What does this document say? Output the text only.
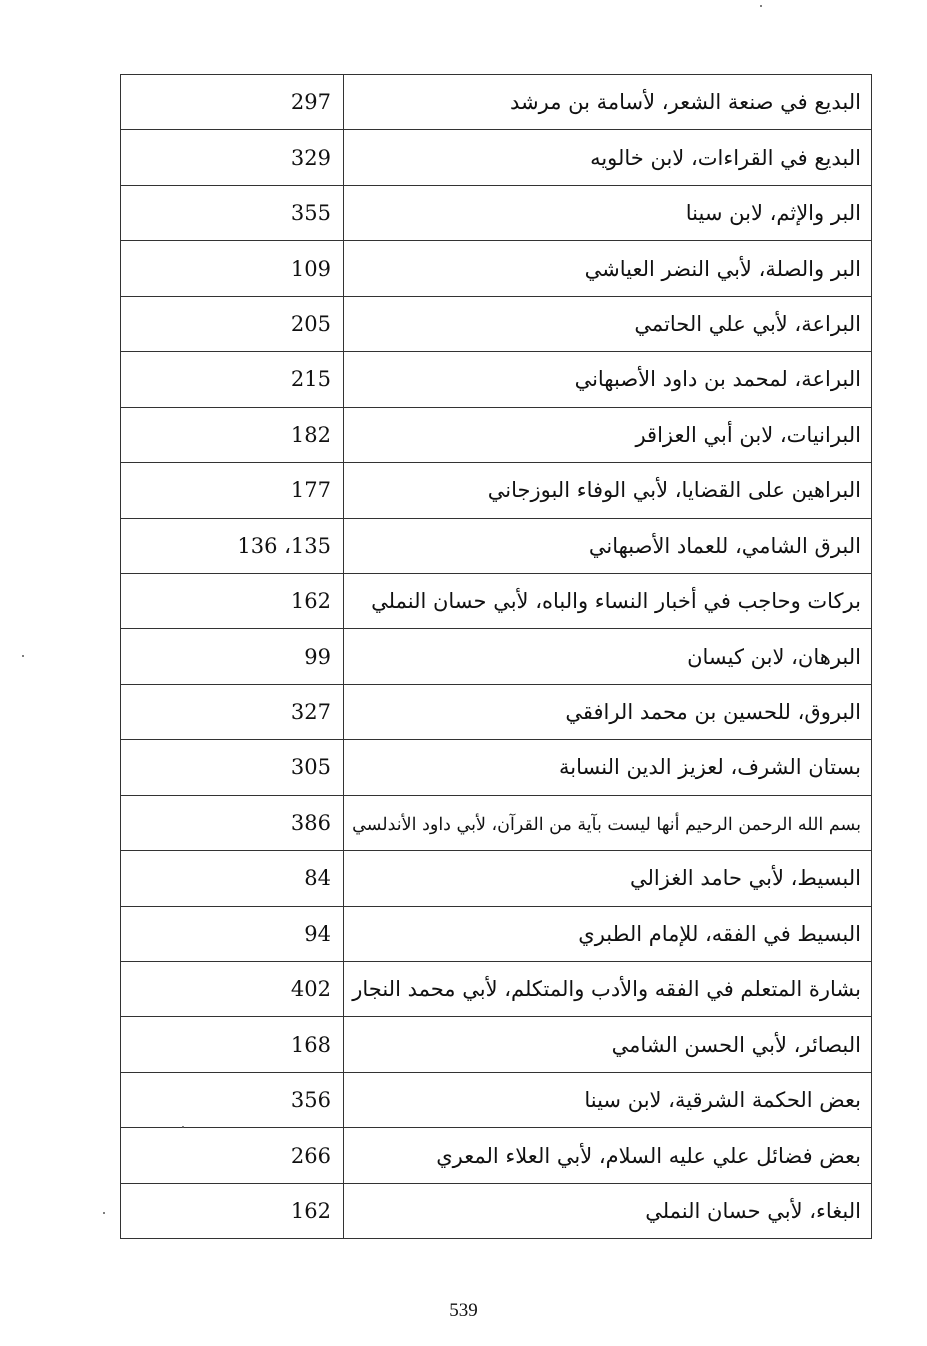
297	البديع في صنعة الشعر، لأسامة بن مرشد
329	البديع في القراءات، لابن خالويه
355	البر والإثم، لابن سينا
109	البر والصلة، لأبي النضر العياشي
205	البراعة، لأبي علي الحاتمي
215	البراعة، لمحمد بن داود الأصبهاني
182	البرانيات، لابن أبي العزاقر
177	البراهين على القضايا، لأبي الوفاء البوزجاني
136 ،135	البرق الشامي، للعماد الأصبهاني
162	بركات وحاجب في أخبار النساء والباه، لأبي حسان النملي
99	البرهان، لابن كيسان
327	البروق، للحسين بن محمد الرافقي
305	بستان الشرف، لعزيز الدين النسابة
386	بسم الله الرحمن الرحيم أنها ليست بآية من القرآن، لأبي داود الأندلسي
84	البسيط، لأبي حامد الغزالي
94	البسيط في الفقه، للإمام الطبري
402	بشارة المتعلم في الفقه والأدب والمتكلم، لأبي محمد النجار
168	البصائر، لأبي الحسن الشامي
356	بعض الحكمة الشرقية، لابن سينا
266	بعض فضائل علي عليه السلام، لأبي العلاء المعري
162	البغاء، لأبي حسان النملي
539
